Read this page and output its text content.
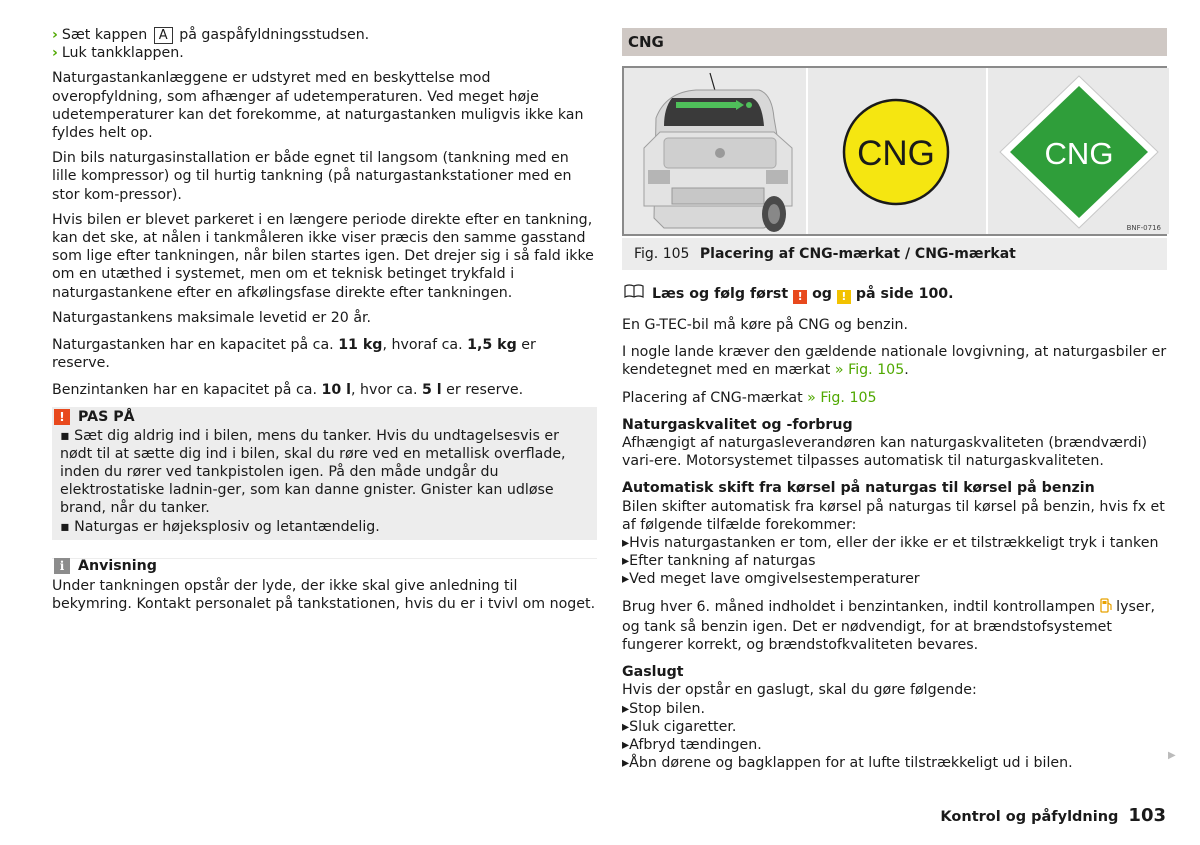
› Sæt kappen A på gaspåfyldningsstudsen.

› Luk tankklappen.

Naturgastankanlæggene er udstyret med en beskyttelse mod overopfyldning, som afhænger af udetemperaturen. Ved meget høje udetemperaturer kan det forekomme, at naturgastanken muligvis ikke kan fyldes helt op.

Din bils naturgasinstallation er både egnet til langsom (tankning med en lille kompressor) og til hurtig tankning (på naturgastankstationer med en stor kom-pressor).

Hvis bilen er blevet parkeret i en længere periode direkte efter en tankning, kan det ske, at nålen i tankmåleren ikke viser præcis den samme gasstand som lige efter tankningen, når bilen startes igen. Det drejer sig i så fald ikke om en utæthed i systemet, men om et teknisk betinget trykfald i naturgastankene efter en afkølingsfase direkte efter tankningen.

Naturgastankens maksimale levetid er 20 år.

Naturgastanken har en kapacitet på ca. 11 kg, hvoraf ca. 1,5 kg er reserve.

Benzintanken har en kapacitet på ca. 10 l, hvor ca. 5 l er reserve.

! PAS PÅ

▪ Sæt dig aldrig ind i bilen, mens du tanker. Hvis du undtagelsesvis er nødt til at sætte dig ind i bilen, skal du røre ved en metallisk overflade, inden du rører ved tankpistolen igen. På den måde undgår du elektrostatiske ladnin-ger, som kan danne gnister. Gnister kan udløse brand, når du tanker.

▪ Naturgas er højeksplosiv og letantændelig.

i Anvisning

Under tankningen opstår der lyde, der ikke skal give anledning til bekymring. Kontakt personalet på tankstationen, hvis du er i tvivl om noget.

CNG
CNG	CNG
BNF-0716
Fig. 105 Placering af CNG-mærkat / CNG-mærkat

Læs og følg først ! og ! på side 100.

En G-TEC-bil må køre på CNG og benzin.

I nogle lande kræver den gældende nationale lovgivning, at naturgasbiler er kendetegnet med en mærkat » Fig. 105.

Placering af CNG-mærkat » Fig. 105

Naturgaskvalitet og -forbrug

Afhængigt af naturgasleverandøren kan naturgaskvaliteten (brændværdi) vari-ere. Motorsystemet tilpasses automatisk til naturgaskvaliteten.

Automatisk skift fra kørsel på naturgas til kørsel på benzin

Bilen skifter automatisk fra kørsel på naturgas til kørsel på benzin, hvis fx et af følgende tilfælde forekommer:

▸ Hvis naturgastanken er tom, eller der ikke er et tilstrækkeligt tryk i tanken

▸ Efter tankning af naturgas

▸ Ved meget lave omgivelsestemperaturer

Brug hver 6. måned indholdet i benzintanken, indtil kontrollampen lyser, og tank så benzin igen. Det er nødvendigt, for at brændstofsystemet fungerer korrekt, og brændstofkvaliteten bevares.

Gaslugt

Hvis der opstår en gaslugt, skal du gøre følgende:

▸ Stop bilen.

▸ Sluk cigaretter.

▸ Afbryd tændingen.

▸ Åbn dørene og bagklappen for at lufte tilstrækkeligt ud i bilen.	▶
Kontrol og påfyldning 103
